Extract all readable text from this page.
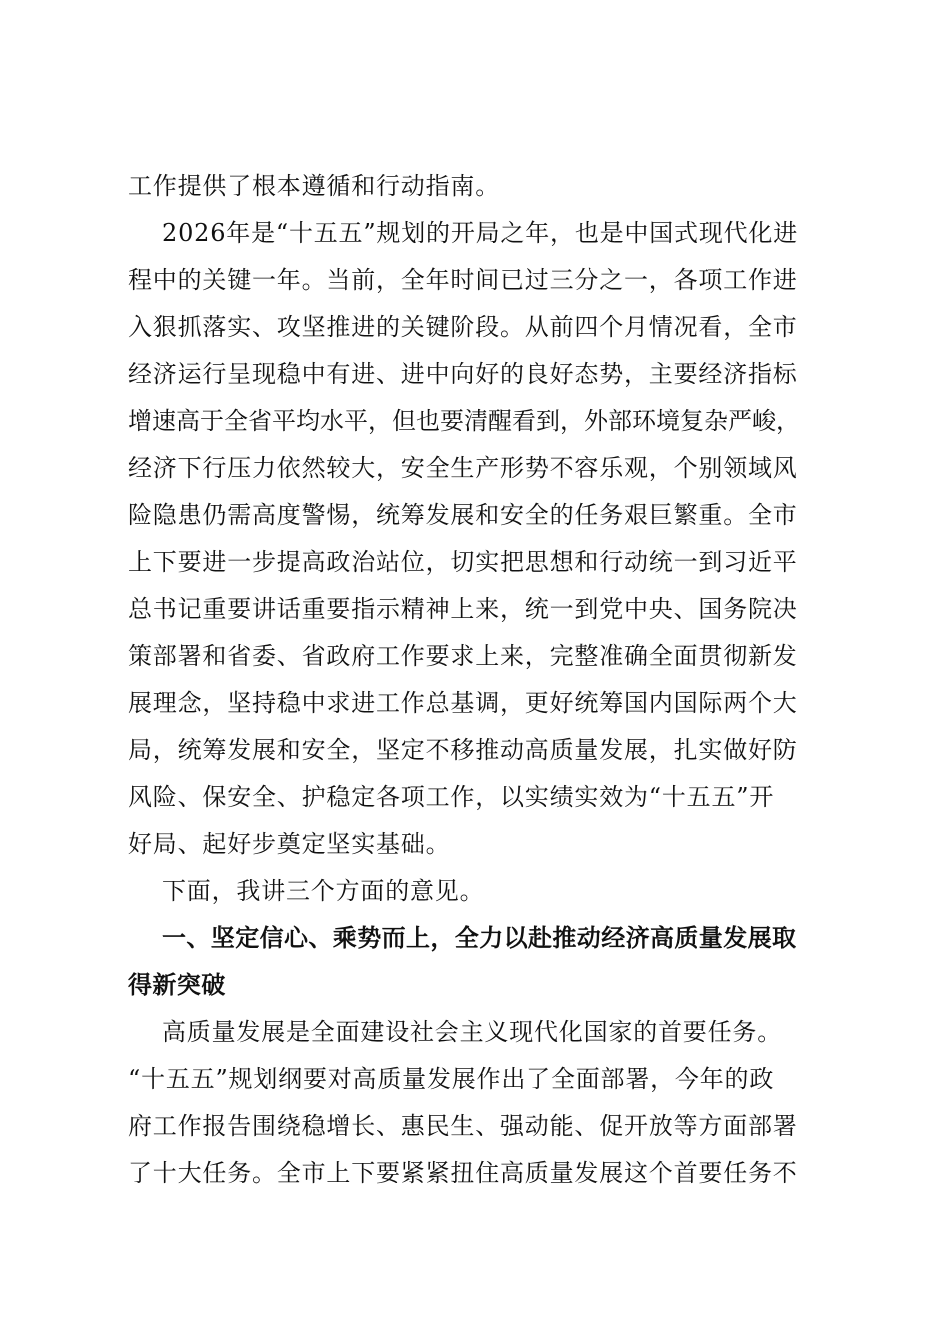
工作提供了根本遵循和行动指南。
2026年是“十五五”规划的开局之年，也是中国式现代化进
程中的关键一年。当前，全年时间已过三分之一，各项工作进
入狠抓落实、攻坚推进的关键阶段。从前四个月情况看，全市
经济运行呈现稳中有进、进中向好的良好态势，主要经济指标
增速高于全省平均水平，但也要清醒看到，外部环境复杂严峻，
经济下行压力依然较大，安全生产形势不容乐观，个别领域风
险隐患仍需高度警惕，统筹发展和安全的任务艰巨繁重。全市
上下要进一步提高政治站位，切实把思想和行动统一到习近平
总书记重要讲话重要指示精神上来，统一到党中央、国务院决
策部署和省委、省政府工作要求上来，完整准确全面贯彻新发
展理念，坚持稳中求进工作总基调，更好统筹国内国际两个大
局，统筹发展和安全，坚定不移推动高质量发展，扎实做好防
风险、保安全、护稳定各项工作，以实绩实效为“十五五”开
好局、起好步奠定坚实基础。
下面，我讲三个方面的意见。
一、坚定信心、乘势而上，全力以赴推动经济高质量发展取
得新突破
高质量发展是全面建设社会主义现代化国家的首要任务。
“十五五”规划纲要对高质量发展作出了全面部署，今年的政
府工作报告围绕稳增长、惠民生、强动能、促开放等方面部署
了十大任务。全市上下要紧紧扭住高质量发展这个首要任务不
